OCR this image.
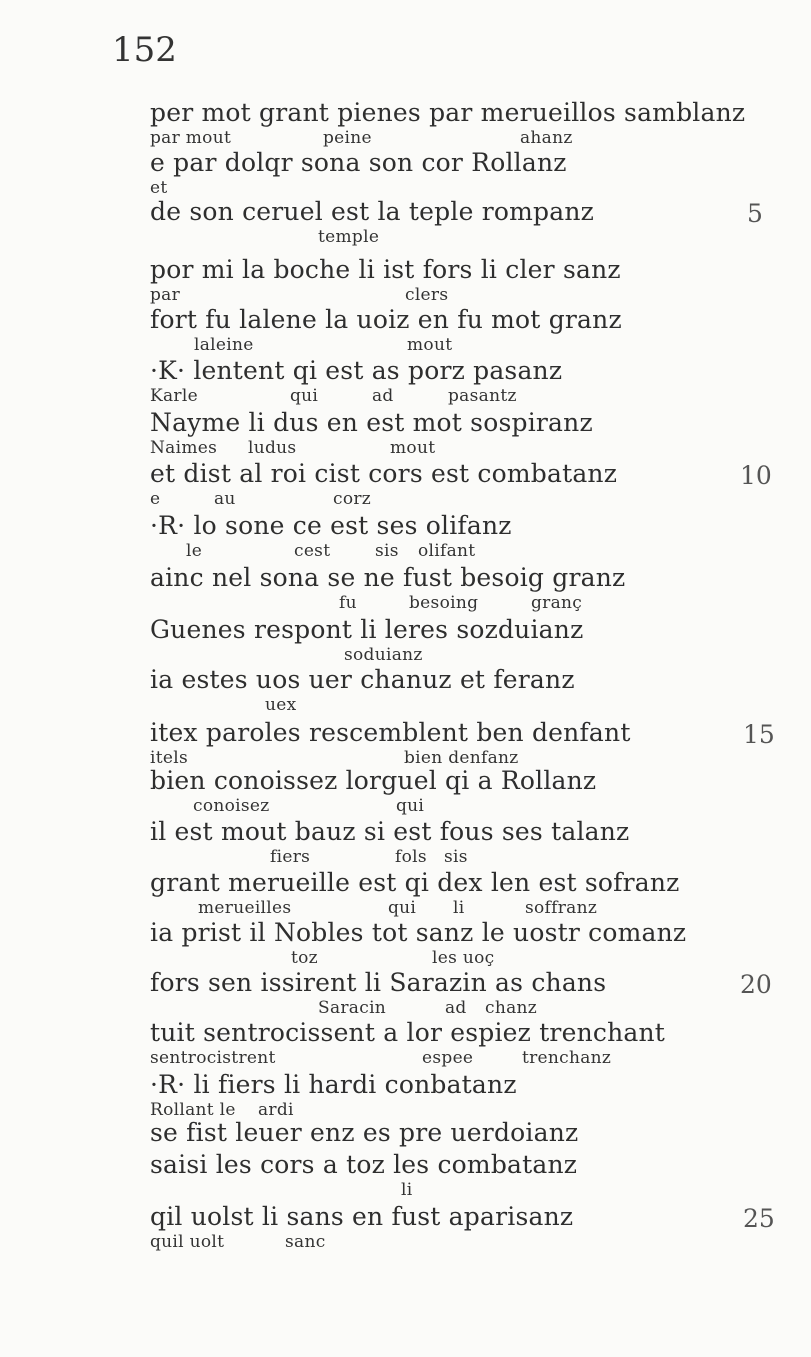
152
per mot grant pienes par merueillos samblanz
par mout	peine	ahanz
e par dolqr sona son cor Rollanz
et
de son ceruel est la teple rompanz
temple
5
por mi la boche li ist fors li cler sanz
par	clers
fort fu lalene la uoiz en fu mot granz
laleine	mout
·K· lentent qi est as porz pasanz
Karle	qui	ad	pasantz
Nayme li dus en est mot sospiranz
Naimes ludus	mout
et dist al roi cist cors est combatanz
e	au	corz
10
·R· lo sone ce est ses olifanz
le	cest	sis olifant
ainc nel sona se ne fust besoig granz
fu	besoing	granç
Guenes respont li leres sozduianz
soduianz
ia estes uos uer chanuz et feranz
uex
itex paroles rescemblent ben denfant
itels	bien denfanz
15
bien conoissez lorguel qi a Rollanz
conoisez	qui
il est mout bauz si est fous ses talanz
fiers	fols sis
grant merueille est qi dex len est sofranz
merueilles	qui li	soffranz
ia prist il Nobles tot sanz le uostr comanz
toz	les uoç
fors sen issirent li Sarazin as chans
Saracin	ad chanz
20
tuit sentrocissent a lor espiez trenchant
sentrocistrent	espee	trenchanz
·R· li fiers li hardi conbatanz
Rollant le ardi
se fist leuer enz es pre uerdoianz
saisi les cors a toz les combatanz
li
qil uolst li sans en fust aparisanz
quil uolt	sanc
25
